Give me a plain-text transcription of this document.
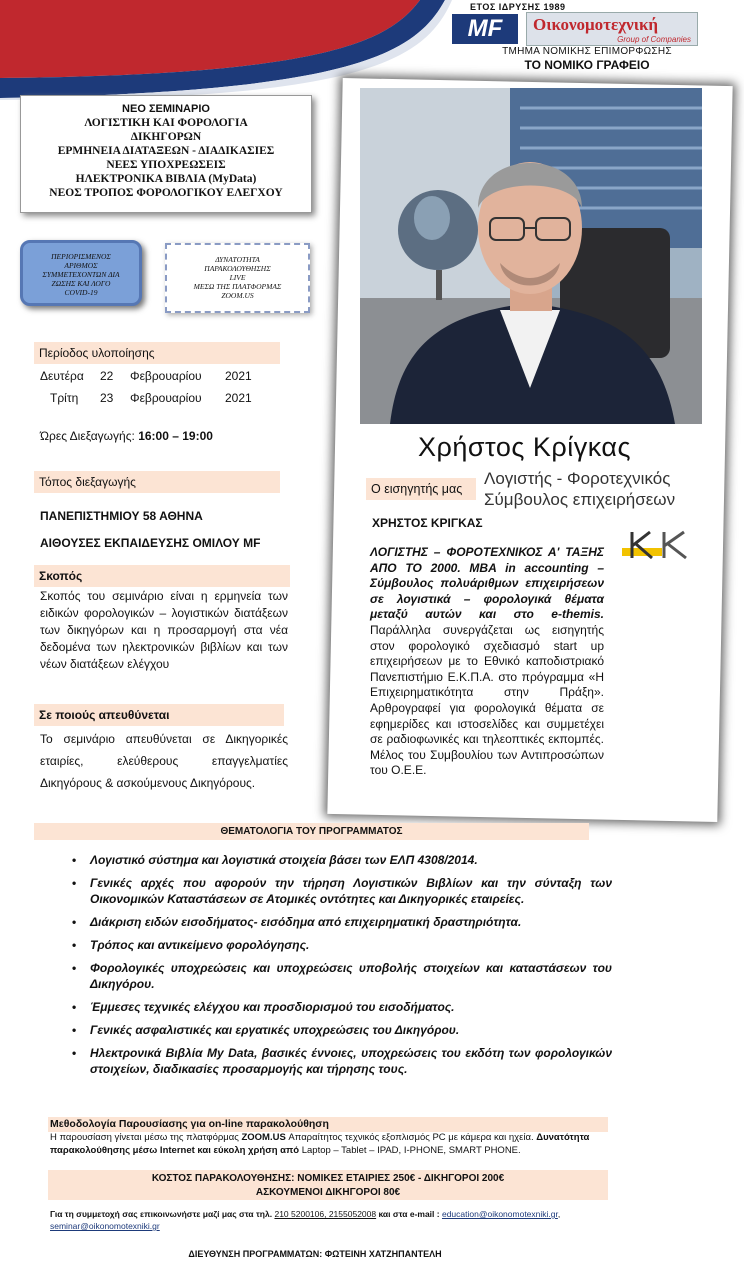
ΕΤΟΣ ΙΔΡΥΣΗΣ 1989
MF	Οικονομοτεχνική
Group of Companies
ΤΜΗΜΑ ΝΟΜΙΚΗΣ ΕΠΙΜΟΡΦΩΣΗΣ
ΤΟ ΝΟΜΙΚΟ ΓΡΑΦΕΙΟ
ΝΕΟ ΣΕΜΙΝΑΡΙΟ
ΛΟΓΙΣΤΙΚΗ ΚΑΙ ΦΟΡΟΛΟΓΙΑ
ΔΙΚΗΓΟΡΩΝ
ΕΡΜΗΝΕΙΑ ΔΙΑΤΑΞΕΩΝ - ΔΙΑΔΙΚΑΣΙΕΣ
ΝΕΕΣ ΥΠΟΧΡΕΩΣΕΙΣ
ΗΛΕΚΤΡΟΝΙΚΑ ΒΙΒΛΙΑ (MyData)
ΝΕΟΣ ΤΡΟΠΟΣ ΦΟΡΟΛΟΓΙΚΟΥ ΕΛΕΓΧΟΥ
ΠΕΡΙΟΡΙΣΜΕΝΟΣ
ΑΡΙΘΜΟΣ
ΣΥΜΜΕΤΕΧΟΝΤΩΝ ΔΙΑ
ΖΩΣΗΣ ΚΑΙ ΛΟΓΟ
COVID-19
ΔΥΝΑΤΟΤΗΤΑ
ΠΑΡΑΚΟΛΟΥΘΗΣΗΣ
LIVE
ΜΕΣΩ ΤΗΣ ΠΛΑΤΦΟΡΜΑΣ
ZOOM.US
Περίοδος υλοποίησης
Δευτέρα 22 Φεβρουαρίου 2021
Τρίτη 23 Φεβρουαρίου 2021
Ώρες Διεξαγωγής: 16:00 – 19:00
Τόπος διεξαγωγής
ΠΑΝΕΠΙΣΤΗΜΙΟΥ 58 ΑΘΗΝΑ
ΑΙΘΟΥΣΕΣ ΕΚΠΑΙΔΕΥΣΗΣ ΟΜΙΛΟΥ MF
Σκοπός
Σκοπός του σεμινάριο είναι η ερμηνεία των ειδικών φορολογικών – λογιστικών διατάξεων των δικηγόρων και η προσαρμογή στα νέα δεδομένα των ηλεκτρονικών βιβλίων και των νέων διατάξεων ελέγχου
Σε ποιούς απευθύνεται
Το σεμινάριο απευθύνεται σε Δικηγορικές εταιρίες, ελεύθερους επαγγελματίες Δικηγόρους & ασκούμενους Δικηγόρους.
Χρήστος Κρίγκας
Λογιστής - Φοροτεχνικός
Σύμβουλος επιχειρήσεων
Ο εισηγητής μας
ΧΡΗΣΤΟΣ ΚΡΙΓΚΑΣ
ΛΟΓΙΣΤΗΣ – ΦΟΡΟΤΕΧΝΙΚΟΣ Α' ΤΑΞΗΣ ΑΠΟ ΤΟ 2000. MBA in accounting – Σύμβουλος πολυάριθμων επιχειρήσεων σε λογιστικά – φορολογικά θέματα μεταξύ αυτών και στο e-themis. Παράλληλα συνεργάζεται ως εισηγητής στον φορολογικό σχεδιασμό start up επιχειρήσεων με το Εθνικό καποδιστριακό Πανεπιστήμιο Ε.Κ.Π.Α. στο πρόγραμμα «Η Επιχειρηματικότητα στην Πράξη». Αρθρογραφεί για φορολογικά θέματα σε εφημερίδες και ιστοσελίδες και συμμετέχει σε ραδιοφωνικές και τηλεοπτικές εκπομπές. Μέλος του Συμβουλίου των Αντιπροσώπων του Ο.Ε.Ε.
ΘΕΜΑΤΟΛΟΓΙΑ ΤΟΥ ΠΡΟΓΡΑΜΜΑΤΟΣ
• Λογιστικό σύστημα και λογιστικά στοιχεία βάσει των ΕΛΠ 4308/2014.
• Γενικές αρχές που αφορούν την τήρηση Λογιστικών Βιβλίων και την σύνταξη των Οικονομικών Καταστάσεων σε Ατομικές οντότητες και Δικηγορικές εταιρείες.
• Διάκριση ειδών εισοδήματος- εισόδημα από επιχειρηματική δραστηριότητα.
• Τρόπος και αντικείμενο φορολόγησης.
• Φορολογικές υποχρεώσεις και υποχρεώσεις υποβολής στοιχείων και καταστάσεων του Δικηγόρου.
• Έμμεσες τεχνικές ελέγχου και προσδιορισμού του εισοδήματος.
• Γενικές ασφαλιστικές και εργατικές υποχρεώσεις του Δικηγόρου.
• Ηλεκτρονικά Βιβλία My Data, βασικές έννοιες, υποχρεώσεις του εκδότη των φορολογικών στοιχείων, διαδικασίες προσαρμογής και τήρησης τους.
Μεθοδολογία Παρουσίασης για on-line παρακολούθηση
Η παρουσίαση γίνεται μέσω της πλατφόρμας ZOOM.US Απαραίτητος τεχνικός εξοπλισμός PC με κάμερα και ηχεία. Δυνατότητα παρακολούθησης μέσω Internet και εύκολη χρήση από Laptop – Tablet – IPAD, I-PHONE, SMART PHONE.
ΚΟΣΤΟΣ ΠΑΡΑΚΟΛΟΥΘΗΣΗΣ: ΝΟΜΙΚΕΣ ΕΤΑΙΡΙΕΣ 250€ - ΔΙΚΗΓΟΡΟΙ 200€
ΑΣΚΟΥΜΕΝΟΙ ΔΙΚΗΓΟΡΟΙ 80€
Για τη συμμετοχή σας επικοινωνήστε μαζί μας στα τηλ. 210 5200106, 2155052008 και στα e-mail : education@oikonomotexniki.gr,
seminar@oikonomotexniki.gr
ΔΙΕΥΘΥΝΣΗ ΠΡΟΓΡΑΜΜΑΤΩΝ: ΦΩΤΕΙΝΗ ΧΑΤΖΗΠΑΝΤΕΛΗ
